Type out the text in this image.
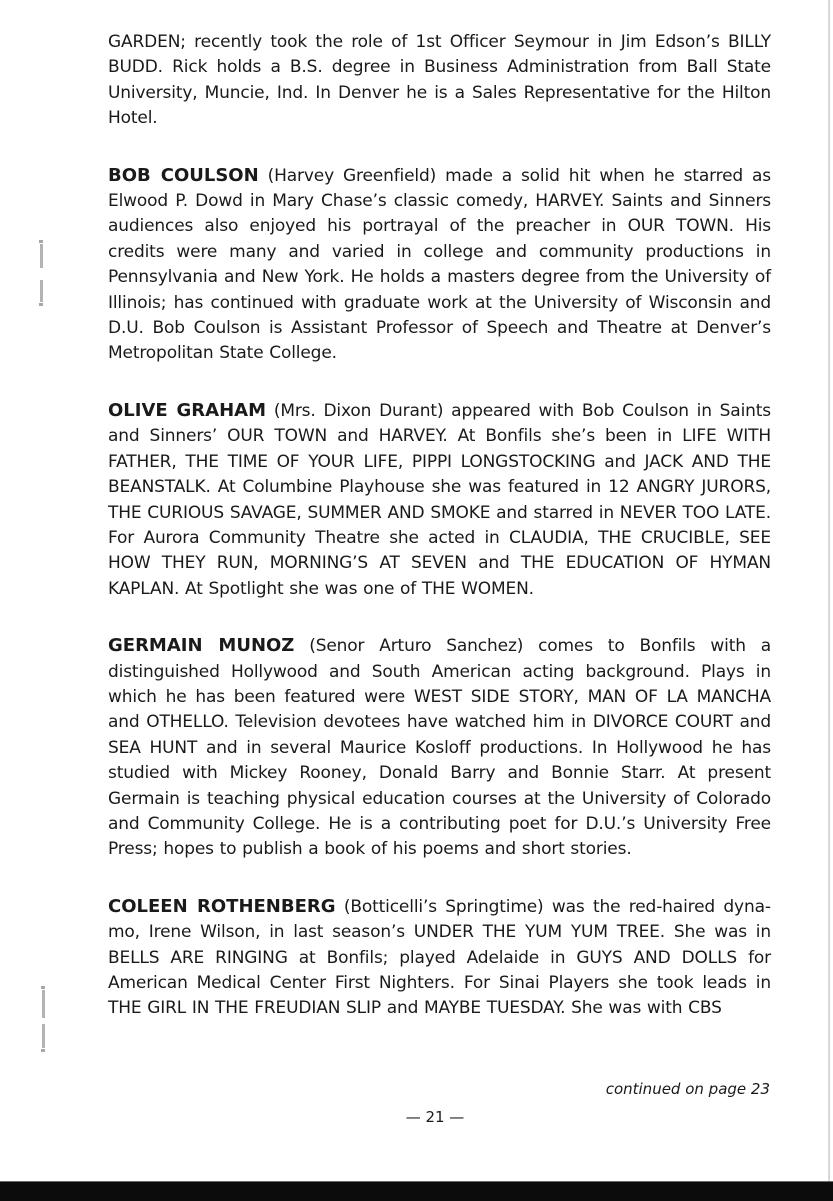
GARDEN; recently took the role of 1st Officer Seymour in Jim Edson’s BILLY BUDD. Rick holds a B.S. degree in Business Administration from Ball State University, Muncie, Ind. In Denver he is a Sales Representative for the Hilton Hotel.

BOB COULSON (Harvey Greenfield) made a solid hit when he starred as Elwood P. Dowd in Mary Chase’s classic comedy, HARVEY. Saints and Sinners audiences also enjoyed his portrayal of the preacher in OUR TOWN. His credits were many and varied in college and community productions in Pennsylvania and New York. He holds a masters degree from the University of Illinois; has continued with graduate work at the University of Wisconsin and D.U. Bob Coulson is Assistant Professor of Speech and Theatre at Denver’s Metropolitan State College.

OLIVE GRAHAM (Mrs. Dixon Durant) appeared with Bob Coulson in Saints and Sinners’ OUR TOWN and HARVEY. At Bonfils she’s been in LIFE WITH FATHER, THE TIME OF YOUR LIFE, PIPPI LONGSTOCKING and JACK AND THE BEANSTALK. At Columbine Playhouse she was featured in 12 ANGRY JURORS, THE CURIOUS SAVAGE, SUMMER AND SMOKE and starred in NEVER TOO LATE. For Aurora Community Theatre she acted in CLAUDIA, THE CRUCIBLE, SEE HOW THEY RUN, MORNING’S AT SEVEN and THE EDUCATION OF HYMAN KAPLAN. At Spotlight she was one of THE WOMEN.

GERMAIN MUNOZ (Senor Arturo Sanchez) comes to Bonfils with a distinguished Hollywood and South American acting background. Plays in which he has been featured were WEST SIDE STORY, MAN OF LA MANCHA and OTHELLO. Television devotees have watched him in DIVORCE COURT and SEA HUNT and in several Maurice Kosloff productions. In Hollywood he has studied with Mickey Rooney, Donald Barry and Bonnie Starr. At present Germain is teaching physical education courses at the University of Colorado and Community College. He is a contributing poet for D.U.’s University Free Press; hopes to publish a book of his poems and short stories.

COLEEN ROTHENBERG (Botticelli’s Springtime) was the red-haired dynamo, Irene Wilson, in last season’s UNDER THE YUM YUM TREE. She was in BELLS ARE RINGING at Bonfils; played Adelaide in GUYS AND DOLLS for American Medical Center First Nighters. For Sinai Players she took leads in THE GIRL IN THE FREUDIAN SLIP and MAYBE TUESDAY. She was with CBS

continued on page 23
— 21 —
